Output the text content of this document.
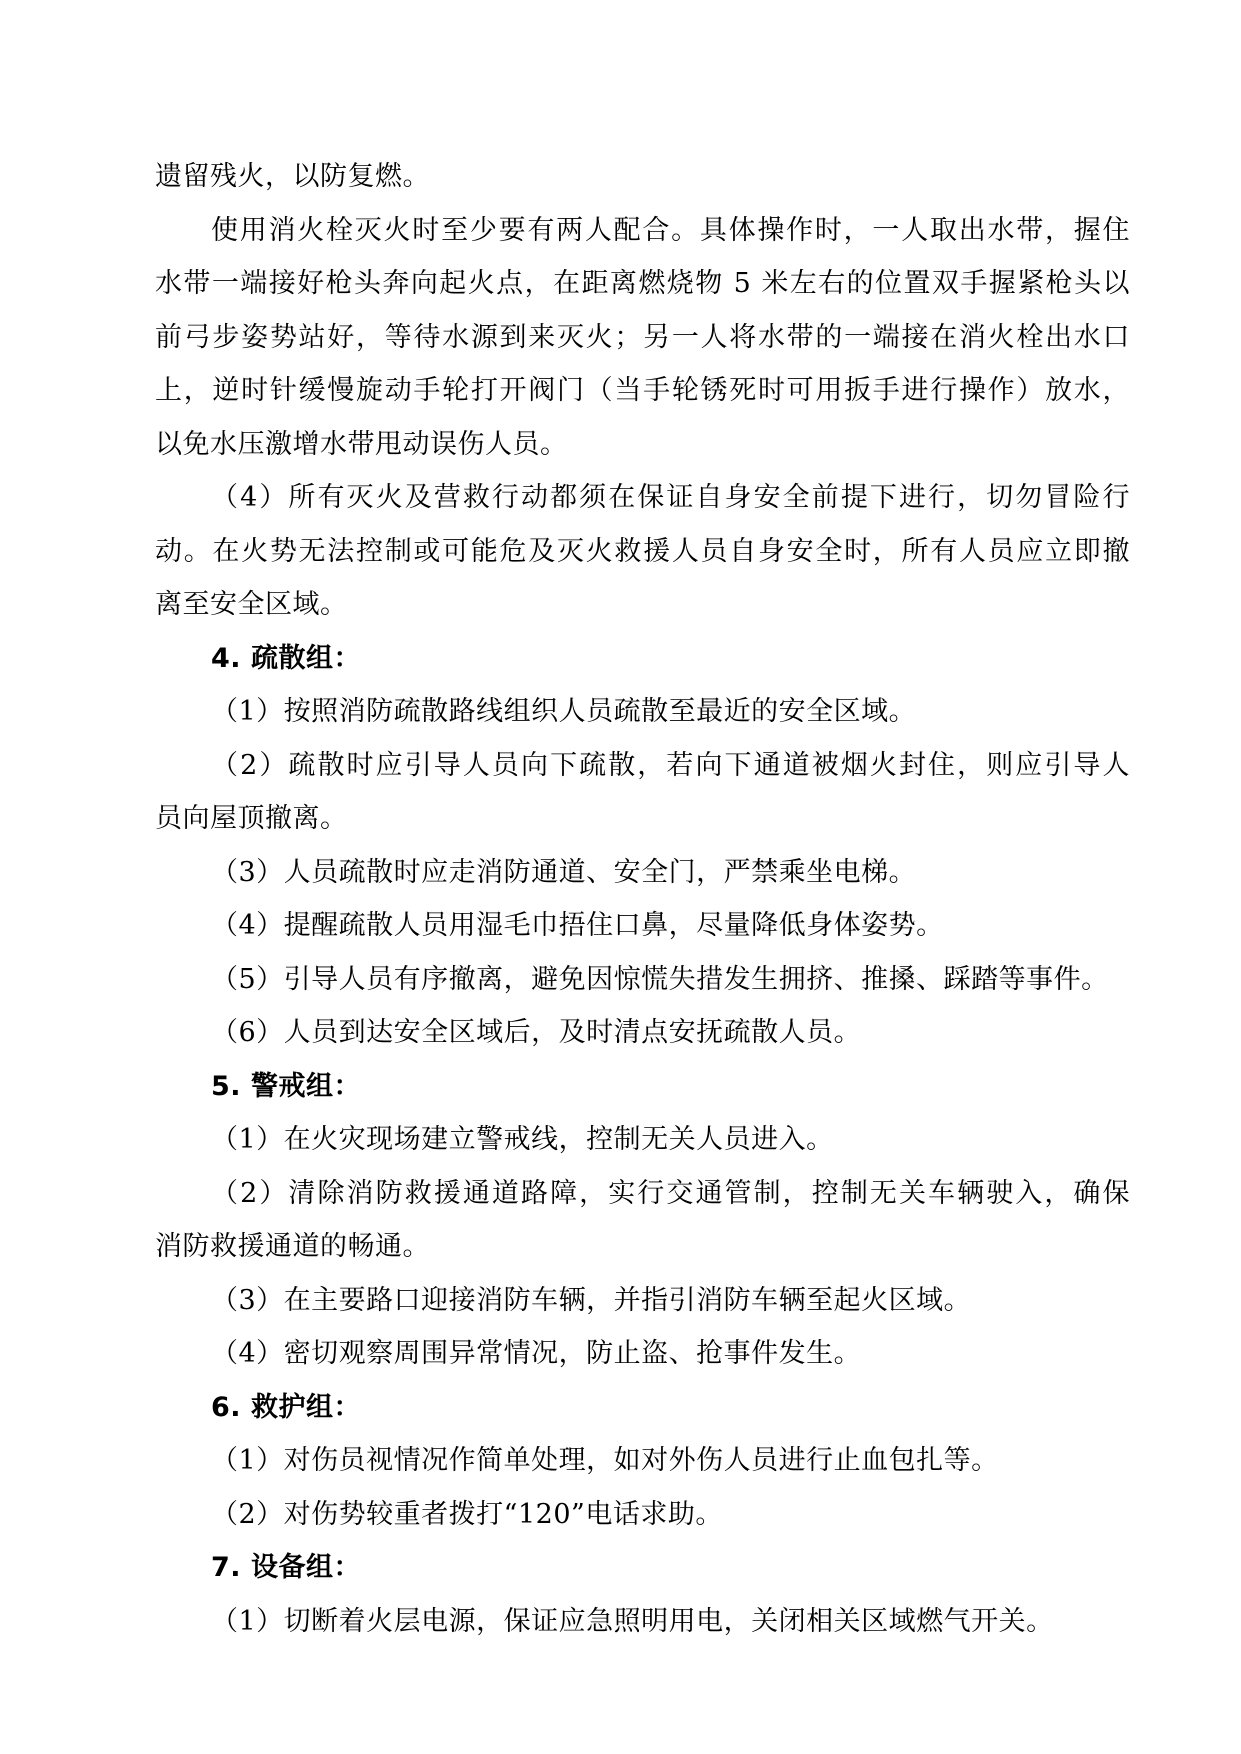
遗留残火，以防复燃。
使用消火栓灭火时至少要有两人配合。具体操作时，一人取出水带，握住
水带一端接好枪头奔向起火点，在距离燃烧物 5 米左右的位置双手握紧枪头以
前弓步姿势站好，等待水源到来灭火；另一人将水带的一端接在消火栓出水口
上，逆时针缓慢旋动手轮打开阀门（当手轮锈死时可用扳手进行操作）放水，
以免水压激增水带甩动误伤人员。
（4）所有灭火及营救行动都须在保证自身安全前提下进行，切勿冒险行
动。在火势无法控制或可能危及灭火救援人员自身安全时，所有人员应立即撤
离至安全区域。
4. 疏散组：
（1）按照消防疏散路线组织人员疏散至最近的安全区域。
（2）疏散时应引导人员向下疏散，若向下通道被烟火封住，则应引导人
员向屋顶撤离。
（3）人员疏散时应走消防通道、安全门，严禁乘坐电梯。
（4）提醒疏散人员用湿毛巾捂住口鼻，尽量降低身体姿势。
（5）引导人员有序撤离，避免因惊慌失措发生拥挤、推搡、踩踏等事件。
（6）人员到达安全区域后，及时清点安抚疏散人员。
5. 警戒组：
（1）在火灾现场建立警戒线，控制无关人员进入。
（2）清除消防救援通道路障，实行交通管制，控制无关车辆驶入，确保
消防救援通道的畅通。
（3）在主要路口迎接消防车辆，并指引消防车辆至起火区域。
（4）密切观察周围异常情况，防止盗、抢事件发生。
6. 救护组：
（1）对伤员视情况作简单处理，如对外伤人员进行止血包扎等。
（2）对伤势较重者拨打“120”电话求助。
7. 设备组：
（1）切断着火层电源，保证应急照明用电，关闭相关区域燃气开关。
